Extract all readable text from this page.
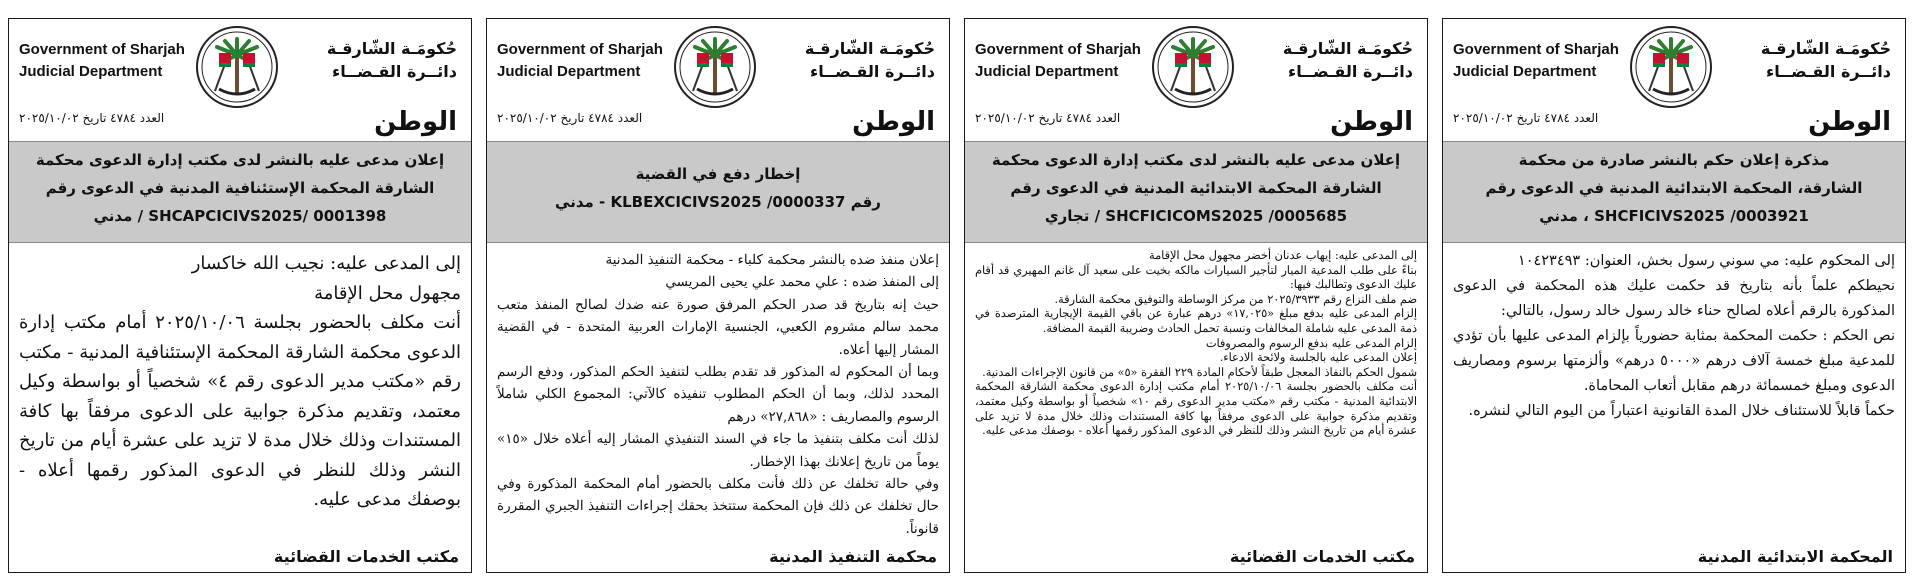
Government of Sharjah
Judicial Department
حُكومَـة الشّارقـة
دائــرة القـضــاء
العدد ٤٧٨٤ تاريخ ٢٠٢٥/١٠/٠٢	الوطن
إعلان مدعى عليه بالنشر لدى مكتب إدارة الدعوى محكمة
الشارقة المحكمة الإستئنافية المدنية في الدعوى رقم
SHCAPCICIVS2025/ 0001398 / مدني

إلى المدعى عليه: نجيب الله خاكسار

مجهول محل الإقامة

أنت مكلف بالحضور بجلسة ٢٠٢٥/١٠/٠٦ أمام مكتب إدارة الدعوى محكمة الشارقة المحكمة الإستئنافية المدنية - مكتب رقم «مكتب مدير الدعوى رقم ٤» شخصياً أو بواسطة وكيل معتمد، وتقديم مذكرة جوابية على الدعوى مرفقاً بها كافة المستندات وذلك خلال مدة لا تزيد على عشرة أيام من تاريخ النشر وذلك للنظر في الدعوى المذكور رقمها أعلاه - بوصفك مدعى عليه.

مكتب الخدمات القضائية
Government of Sharjah
Judicial Department
حُكومَـة الشّارقـة
دائــرة القـضــاء
العدد ٤٧٨٤ تاريخ ٢٠٢٥/١٠/٠٢	الوطن
إخطار دفع في القضية
رقم KLBEXCICIVS2025 /0000337 - مدني

إعلان منفذ ضده بالنشر محكمة كلباء - محكمة التنفيذ المدنية

إلى المنفذ ضده : علي محمد علي يحيى المريسي

حيث إنه بتاريخ قد صدر الحكم المرفق صورة عنه ضدك لصالح المنفذ متعب محمد سالم مشروم الكعبي، الجنسية الإمارات العربية المتحدة - في القضية المشار إليها أعلاه.

وبما أن المحكوم له المذكور قد تقدم بطلب لتنفيذ الحكم المذكور، ودفع الرسم المحدد لذلك، وبما أن الحكم المطلوب تنفيذه كالآتي: المجموع الكلي شاملاً الرسوم والمصاريف : «٢٧,٨٦٨» درهم

لذلك أنت مكلف بتنفيذ ما جاء في السند التنفيذي المشار إليه أعلاه خلال «١٥» يوماً من تاريخ إعلانك بهذا الإخطار.

وفي حالة تخلفك عن ذلك فأنت مكلف بالحضور أمام المحكمة المذكورة وفي حال تخلفك عن ذلك فإن المحكمة ستتخذ بحقك إجراءات التنفيذ الجبري المقررة قانوناً.

محكمة التنفيذ المدنية
Government of Sharjah
Judicial Department
حُكومَـة الشّارقـة
دائــرة القـضــاء
العدد ٤٧٨٤ تاريخ ٢٠٢٥/١٠/٠٢	الوطن
إعلان مدعى عليه بالنشر لدى مكتب إدارة الدعوى محكمة
الشارقة المحكمة الابتدائية المدنية في الدعوى رقم
SHCFICICOMS2025 /0005685 / تجاري

إلى المدعى عليه: إيهاب عدنان أخضر مجهول محل الإقامة

بناءً على طلب المدعية الميار لتأجير السيارات مالكه بخيت على سعيد آل غانم المهيري قد أقام عليك الدعوى وتطالبك فيها:

ضم ملف النزاع رقم ٢٠٢٥/٣٩٣٣ من مركز الوساطة والتوفيق محكمة الشارقة.

إلزام المدعى عليه بدفع مبلغ «١٧,٠٢٥» درهم عبارة عن باقي القيمة الإيجارية المترصدة في ذمة المدعى عليه شاملة المخالفات ونسبة تحمل الحادث وضريبة القيمة المضافة.

إلزام المدعى عليه بدفع الرسوم والمصروفات

إعلان المدعى عليه بالجلسة ولائحة الادعاء.

شمول الحكم بالنفاذ المعجل طبقاً لأحكام المادة ٢٢٩ الفقرة «٥» من قانون الإجراءات المدنية.

أنت مكلف بالحضور بجلسة ٢٠٢٥/١٠/٠٦ أمام مكتب إدارة الدعوى محكمة الشارقة المحكمة الابتدائية المدنية - مكتب رقم «مكتب مدير الدعوى رقم ١٠» شخصياً أو بواسطة وكيل معتمد، وتقديم مذكرة جوابية على الدعوى مرفقاً بها كافة المستندات وذلك خلال مدة لا تزيد على عشرة أيام من تاريخ النشر وذلك للنظر في الدعوى المذكور رقمها أعلاه - بوصفك مدعى عليه.

مكتب الخدمات القضائية
Government of Sharjah
Judicial Department
حُكومَـة الشّارقـة
دائــرة القـضــاء
العدد ٤٧٨٤ تاريخ ٢٠٢٥/١٠/٠٢	الوطن
مذكرة إعلان حكم بالنشر صادرة من محكمة
الشارقة، المحكمة الابتدائية المدنية في الدعوى رقم
SHCFICIVS2025 /0003921 ، مدني

إلى المحكوم عليه: مي سوني رسول بخش، العنوان: ١٠٤٢٣٤٩٣

نحيطكم علماً بأنه بتاريخ قد حكمت عليك هذه المحكمة في الدعوى المذكورة بالرقم أعلاه لصالح حناء خالد رسول خالد رسول، بالتالي:

نص الحكم : حكمت المحكمة بمثابة حضورياً بإلزام المدعى عليها بأن تؤدي للمدعية مبلغ خمسة آلاف درهم «٥٠٠٠ درهم» وألزمتها برسوم ومصاريف الدعوى ومبلغ خمسمائة درهم مقابل أتعاب المحاماة.

حكماً قابلاً للاستئناف خلال المدة القانونية اعتباراً من اليوم التالي لنشره.

المحكمة الابتدائية المدنية
